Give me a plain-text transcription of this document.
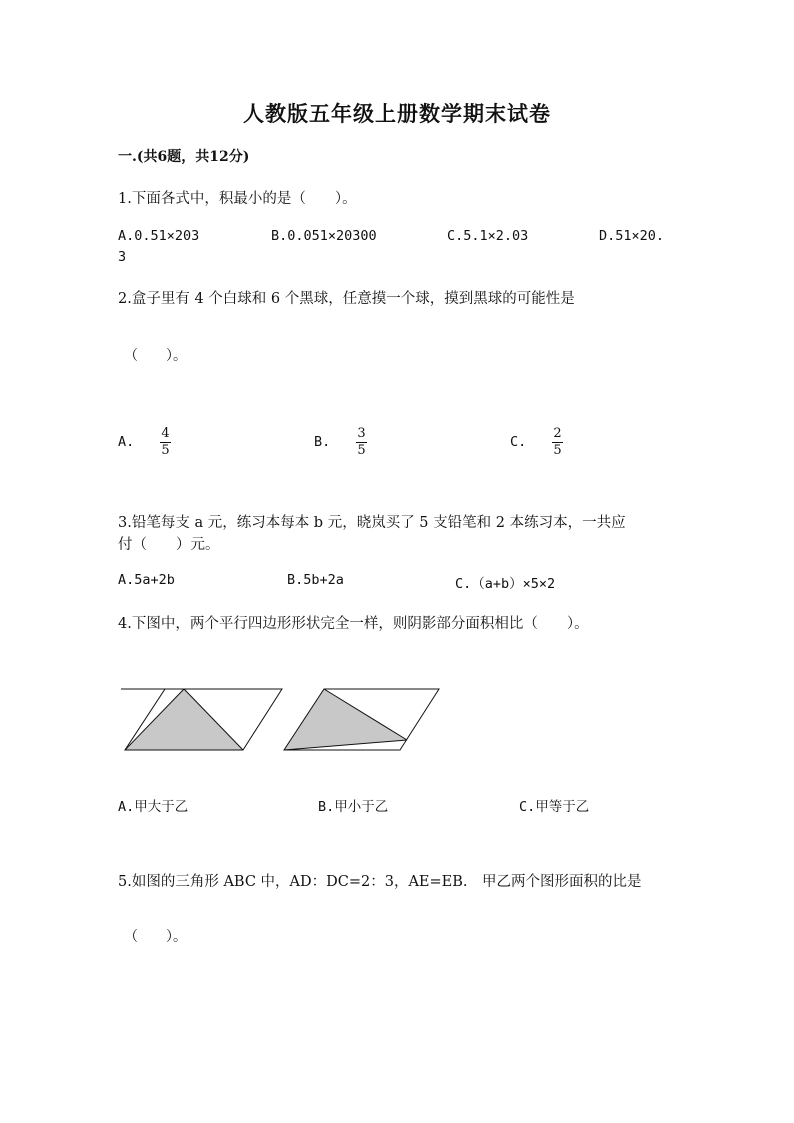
人教版五年级上册数学期末试卷
一.(共6题，共12分)
1.下面各式中，积最小的是（　　）。
A.0.51×203	B.0.051×20300	C.5.1×2.03	D.51×20.
3
2.盒子里有 4 个白球和 6 个黑球，任意摸一个球，摸到黑球的可能性是
（　　）。
A.
4
5
B.
3
5
C.
2
5
3.铅笔每支 a 元，练习本每本 b 元，晓岚买了 5 支铅笔和 2 本练习本，一共应
付（　　）元。
A.5a+2b	B.5b+2a	C.（a+b）×5×2
4.下图中，两个平行四边形形状完全一样，则阴影部分面积相比（　　）。
A.甲大于乙	B.甲小于乙	C.甲等于乙
5.如图的三角形 ABC 中，AD：DC=2：3，AE=EB.　甲乙两个图形面积的比是
（　　）。
